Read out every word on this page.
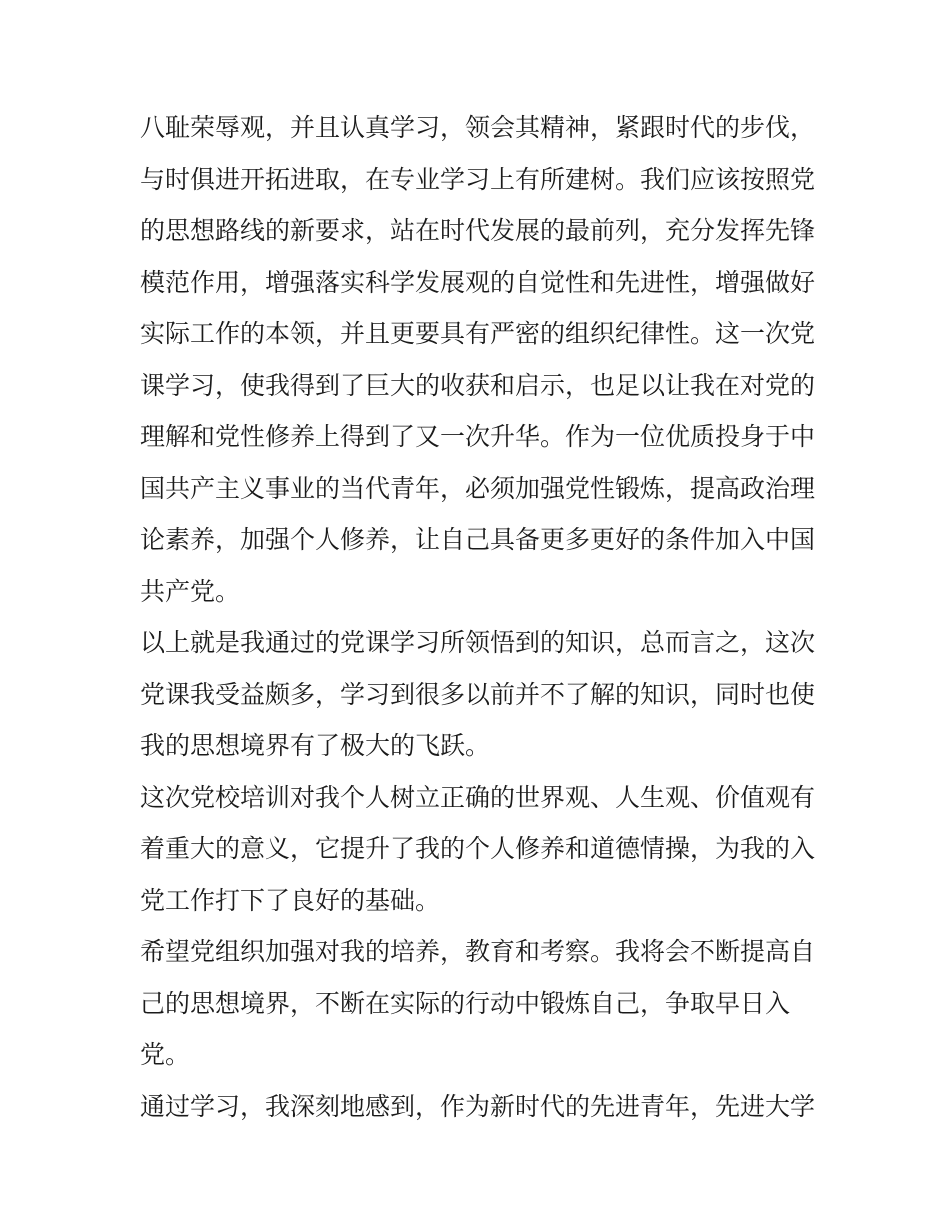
八耻荣辱观，并且认真学习，领会其精神，紧跟时代的步伐，
与时俱进开拓进取，在专业学习上有所建树。我们应该按照党
的思想路线的新要求，站在时代发展的最前列，充分发挥先锋
模范作用，增强落实科学发展观的自觉性和先进性，增强做好
实际工作的本领，并且更要具有严密的组织纪律性。这一次党
课学习，使我得到了巨大的收获和启示，也足以让我在对党的
理解和党性修养上得到了又一次升华。作为一位优质投身于中
国共产主义事业的当代青年，必须加强党性锻炼，提高政治理
论素养，加强个人修养，让自己具备更多更好的条件加入中国
共产党。
以上就是我通过的党课学习所领悟到的知识，总而言之，这次
党课我受益颇多，学习到很多以前并不了解的知识，同时也使
我的思想境界有了极大的飞跃。
这次党校培训对我个人树立正确的世界观、人生观、价值观有
着重大的意义，它提升了我的个人修养和道德情操，为我的入
党工作打下了良好的基础。
希望党组织加强对我的培养，教育和考察。我将会不断提高自
己的思想境界，不断在实际的行动中锻炼自己，争取早日入
党。
通过学习，我深刻地感到，作为新时代的先进青年，先进大学
